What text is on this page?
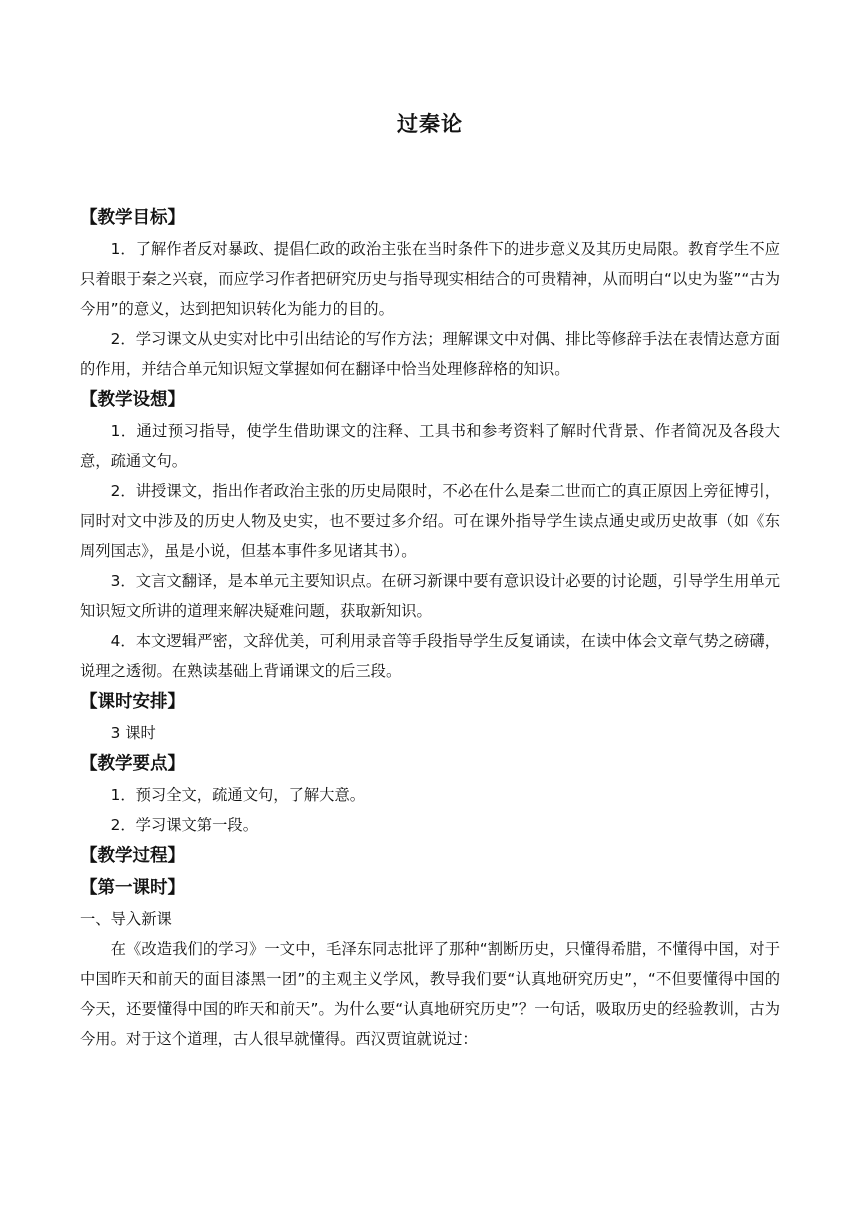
过秦论
【教学目标】

1．了解作者反对暴政、提倡仁政的政治主张在当时条件下的进步意义及其历史局限。教育学生不应只着眼于秦之兴衰，而应学习作者把研究历史与指导现实相结合的可贵精神，从而明白“以史为鉴”“古为今用”的意义，达到把知识转化为能力的目的。

2．学习课文从史实对比中引出结论的写作方法；理解课文中对偶、排比等修辞手法在表情达意方面的作用，并结合单元知识短文掌握如何在翻译中恰当处理修辞格的知识。

【教学设想】

1．通过预习指导，使学生借助课文的注释、工具书和参考资料了解时代背景、作者简况及各段大意，疏通文句。

2．讲授课文，指出作者政治主张的历史局限时，不必在什么是秦二世而亡的真正原因上旁征博引，同时对文中涉及的历史人物及史实，也不要过多介绍。可在课外指导学生读点通史或历史故事（如《东周列国志》，虽是小说，但基本事件多见诸其书）。

3．文言文翻译，是本单元主要知识点。在研习新课中要有意识设计必要的讨论题，引导学生用单元知识短文所讲的道理来解决疑难问题，获取新知识。

4．本文逻辑严密，文辞优美，可利用录音等手段指导学生反复诵读，在读中体会文章气势之磅礴，说理之透彻。在熟读基础上背诵课文的后三段。

【课时安排】

3 课时

【教学要点】

1．预习全文，疏通文句，了解大意。

2．学习课文第一段。

【教学过程】
【第一课时】

一、导入新课

在《改造我们的学习》一文中，毛泽东同志批评了那种“割断历史，只懂得希腊，不懂得中国，对于中国昨天和前天的面目漆黑一团”的主观主义学风，教导我们要“认真地研究历史”，“不但要懂得中国的今天，还要懂得中国的昨天和前天”。为什么要“认真地研究历史”？一句话，吸取历史的经验教训，古为今用。对于这个道理，古人很早就懂得。西汉贾谊就说过：
